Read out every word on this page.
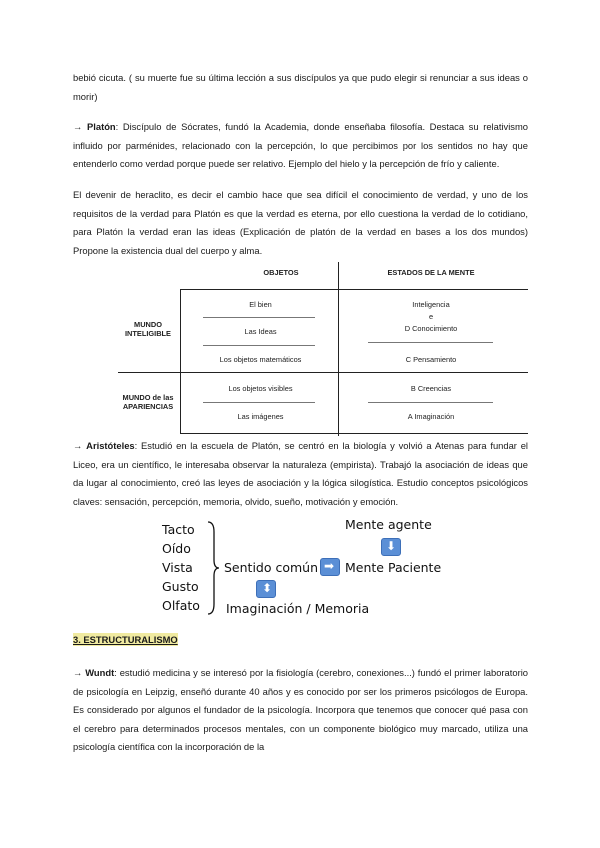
bebió cicuta. ( su muerte fue su última lección a sus discípulos ya que pudo elegir si renunciar a sus ideas o morir)

→ Platón: Discípulo de Sócrates, fundó la Academia, donde enseñaba filosofía. Destaca su relativismo influido por parménides, relacionado con la percepción, lo que percibimos por los sentidos no hay que entenderlo como verdad porque puede ser relativo. Ejemplo del hielo y la percepción de frío y caliente.

El devenir de heraclito, es decir el cambio hace que sea difícil el conocimiento de verdad, y uno de los requisitos de la verdad para Platón es que la verdad es eterna, por ello cuestiona la verdad de lo cotidiano, para Platón la verdad eran las ideas (Explicación de platón de la verdad en bases a los dos mundos) Propone la existencia dual del cuerpo y alma.

OBJETOS	ESTADOS DE LA MENTE
MUNDO INTELIGIBLE
MUNDO de las APARIENCIAS
El bien
Las Ideas
Los objetos matemáticos
Los objetos visibles
Las imágenes
Inteligencia
e
D Conocimiento
C Pensamiento
B Creencias
A Imaginación

→ Aristóteles: Estudió en la escuela de Platón, se centró en la biología y volvió a Atenas para fundar el Liceo, era un científico, le interesaba observar la naturaleza (empirista). Trabajó la asociación de ideas que da lugar al conocimiento, creó las leyes de asociación y la lógica silogística. Estudio conceptos psicológicos claves: sensación, percepción, memoria, olvido, sueño, motivación y emoción.

Tacto
Oído
Vista
Gusto
Olfato
Sentido común ➡ Mente Paciente
Mente agente
⬇
⬍
Imaginación / Memoria
3. ESTRUCTURALISMO

→ Wundt: estudió medicina y se interesó por la fisiología (cerebro, conexiones...) fundó el primer laboratorio de psicología en Leipzig, enseñó durante 40 años y es conocido por ser los primeros psicólogos de Europa. Es considerado por algunos el fundador de la psicología. Incorpora que tenemos que conocer qué pasa con el cerebro para determinados procesos mentales, con un componente biológico muy marcado, utiliza una psicología científica con la incorporación de la
